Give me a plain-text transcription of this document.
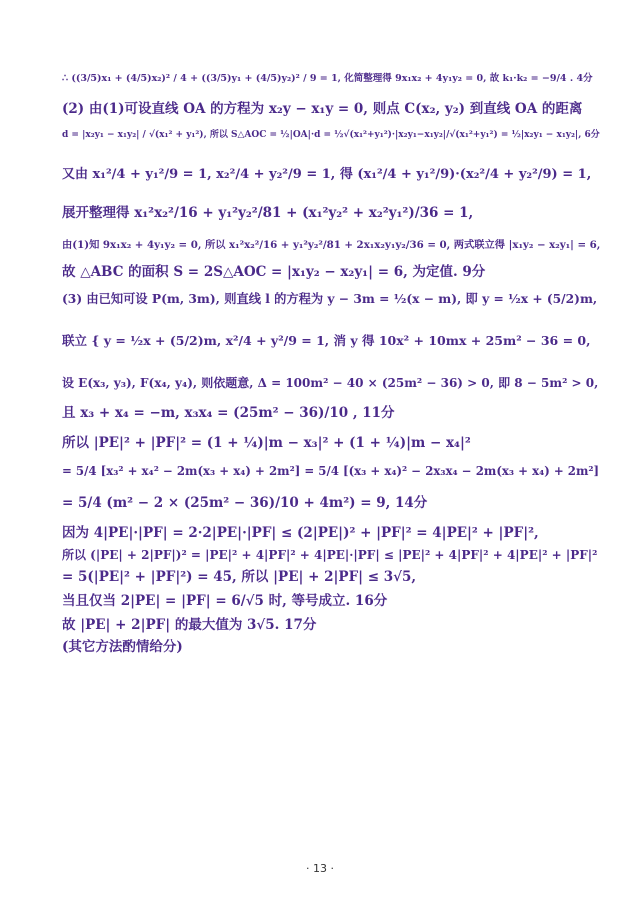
∴ ((3/5)x₁ + (4/5)x₂)² / 4 + ((3/5)y₁ + (4/5)y₂)² / 9 = 1, 化简整理得 9x₁x₂ + 4y₁y₂ = 0, 故 k₁·k₂ = −9/4 . 4分
(2) 由(1)可设直线 OA 的方程为 x₂y − x₁y = 0, 则点 C(x₂, y₂) 到直线 OA 的距离
d = |x₂y₁ − x₁y₂| / √(x₁² + y₁²), 所以 S△AOC = ½|OA|·d = ½√(x₁²+y₁²)·|x₂y₁−x₁y₂|/√(x₁²+y₁²) = ½|x₂y₁ − x₁y₂|, 6分
又由 x₁²/4 + y₁²/9 = 1, x₂²/4 + y₂²/9 = 1, 得 (x₁²/4 + y₁²/9)·(x₂²/4 + y₂²/9) = 1,
展开整理得 x₁²x₂²/16 + y₁²y₂²/81 + (x₁²y₂² + x₂²y₁²)/36 = 1,
由(1)知 9x₁x₂ + 4y₁y₂ = 0, 所以 x₁²x₂²/16 + y₁²y₂²/81 + 2x₁x₂y₁y₂/36 = 0, 两式联立得 |x₁y₂ − x₂y₁| = 6,
故 △ABC 的面积 S = 2S△AOC = |x₁y₂ − x₂y₁| = 6, 为定值. 9分
(3) 由已知可设 P(m, 3m), 则直线 l 的方程为 y − 3m = ½(x − m), 即 y = ½x + (5/2)m,
联立 { y = ½x + (5/2)m, x²/4 + y²/9 = 1, 消 y 得 10x² + 10mx + 25m² − 36 = 0,
设 E(x₃, y₃), F(x₄, y₄), 则依题意, Δ = 100m² − 40 × (25m² − 36) > 0, 即 8 − 5m² > 0,
且 x₃ + x₄ = −m, x₃x₄ = (25m² − 36)/10 , 11分
所以 |PE|² + |PF|² = (1 + ¼)|m − x₃|² + (1 + ¼)|m − x₄|²
= 5/4 [x₃² + x₄² − 2m(x₃ + x₄) + 2m²] = 5/4 [(x₃ + x₄)² − 2x₃x₄ − 2m(x₃ + x₄) + 2m²]
= 5/4 (m² − 2 × (25m² − 36)/10 + 4m²) = 9, 14分
因为 4|PE|·|PF| = 2·2|PE|·|PF| ≤ (2|PE|)² + |PF|² = 4|PE|² + |PF|²,
所以 (|PE| + 2|PF|)² = |PE|² + 4|PF|² + 4|PE|·|PF| ≤ |PE|² + 4|PF|² + 4|PE|² + |PF|²
= 5(|PE|² + |PF|²) = 45, 所以 |PE| + 2|PF| ≤ 3√5,
当且仅当 2|PE| = |PF| = 6/√5 时, 等号成立. 16分
故 |PE| + 2|PF| 的最大值为 3√5. 17分
(其它方法酌情给分)
· 13 ·
